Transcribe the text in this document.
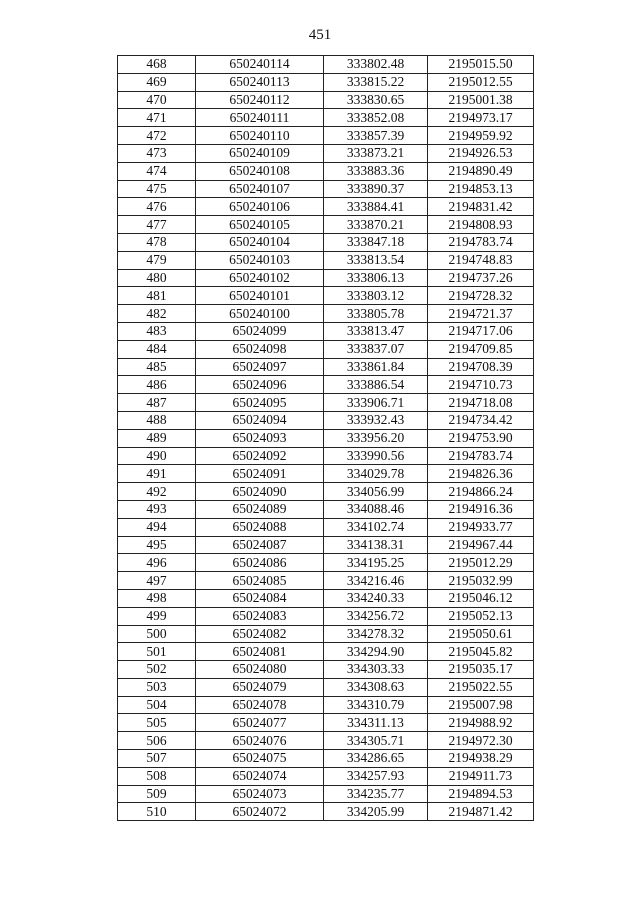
451
468	650240114	333802.48	2195015.50
469	650240113	333815.22	2195012.55
470	650240112	333830.65	2195001.38
471	650240111	333852.08	2194973.17
472	650240110	333857.39	2194959.92
473	650240109	333873.21	2194926.53
474	650240108	333883.36	2194890.49
475	650240107	333890.37	2194853.13
476	650240106	333884.41	2194831.42
477	650240105	333870.21	2194808.93
478	650240104	333847.18	2194783.74
479	650240103	333813.54	2194748.83
480	650240102	333806.13	2194737.26
481	650240101	333803.12	2194728.32
482	650240100	333805.78	2194721.37
483	65024099	333813.47	2194717.06
484	65024098	333837.07	2194709.85
485	65024097	333861.84	2194708.39
486	65024096	333886.54	2194710.73
487	65024095	333906.71	2194718.08
488	65024094	333932.43	2194734.42
489	65024093	333956.20	2194753.90
490	65024092	333990.56	2194783.74
491	65024091	334029.78	2194826.36
492	65024090	334056.99	2194866.24
493	65024089	334088.46	2194916.36
494	65024088	334102.74	2194933.77
495	65024087	334138.31	2194967.44
496	65024086	334195.25	2195012.29
497	65024085	334216.46	2195032.99
498	65024084	334240.33	2195046.12
499	65024083	334256.72	2195052.13
500	65024082	334278.32	2195050.61
501	65024081	334294.90	2195045.82
502	65024080	334303.33	2195035.17
503	65024079	334308.63	2195022.55
504	65024078	334310.79	2195007.98
505	65024077	334311.13	2194988.92
506	65024076	334305.71	2194972.30
507	65024075	334286.65	2194938.29
508	65024074	334257.93	2194911.73
509	65024073	334235.77	2194894.53
510	65024072	334205.99	2194871.42
